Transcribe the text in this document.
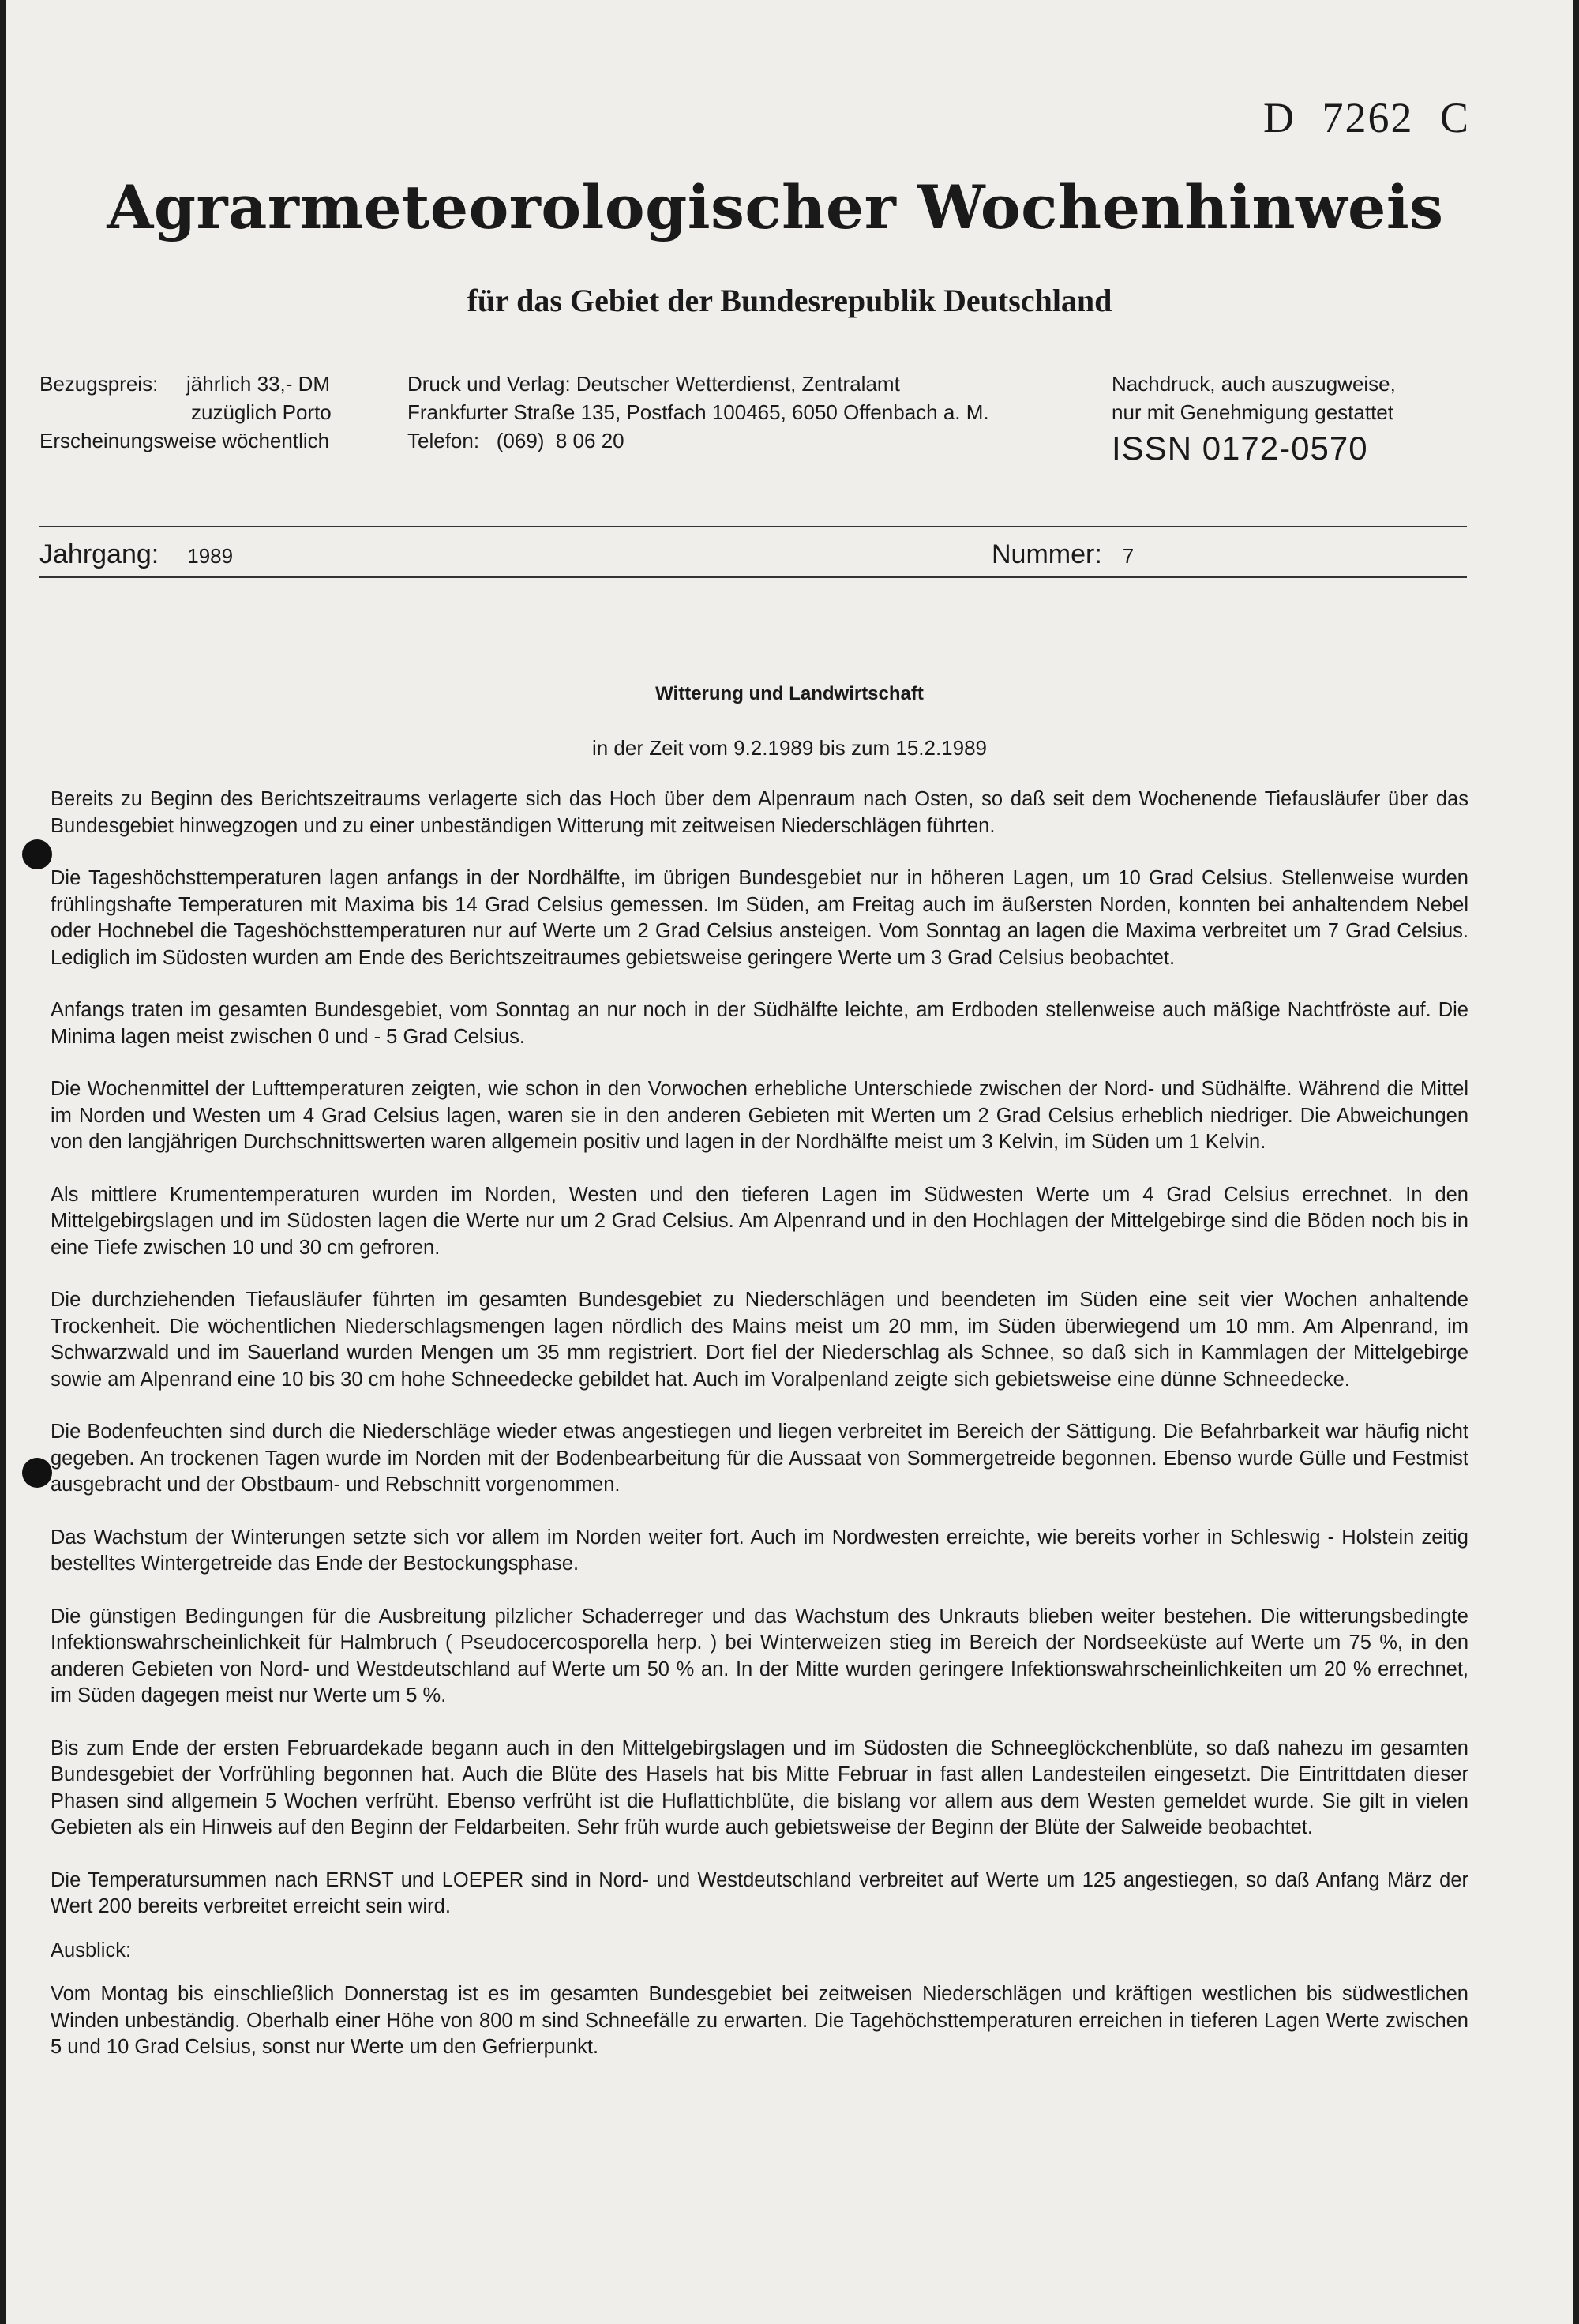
D 7262 C
Agrarmeteorologischer Wochenhinweis
für das Gebiet der Bundesrepublik Deutschland
Bezugspreis:	jährlich 33,- DM
zuzüglich Porto
Erscheinungsweise wöchentlich
Druck und Verlag: Deutscher Wetterdienst, Zentralamt
Frankfurter Straße 135, Postfach 100465, 6050 Offenbach a. M.
Telefon:   (069)  8 06 20
Nachdruck, auch auszugweise,
nur mit Genehmigung gestattet
ISSN 0172-0570
Jahrgang: 1989	Nummer: 7
Witterung und Landwirtschaft
in der Zeit vom 9.2.1989 bis zum 15.2.1989

Bereits zu Beginn des Berichtszeitraums verlagerte sich das Hoch über dem Alpenraum nach Osten, so daß seit dem Wochenende Tiefausläufer über das Bundesgebiet hinwegzogen und zu einer unbeständigen Witterung mit zeitweisen Niederschlägen führten.

Die Tageshöchsttemperaturen lagen anfangs in der Nordhälfte, im übrigen Bundesgebiet nur in höheren Lagen, um 10 Grad Celsius. Stellenweise wurden frühlingshafte Temperaturen mit Maxima bis 14 Grad Celsius gemessen. Im Süden, am Freitag auch im äußersten Norden, konnten bei anhaltendem Nebel oder Hochnebel die Tageshöchsttemperaturen nur auf Werte um 2 Grad Celsius ansteigen. Vom Sonntag an lagen die Maxima verbreitet um 7 Grad Celsius. Lediglich im Südosten wurden am Ende des Berichtszeitraumes gebietsweise geringere Werte um 3 Grad Celsius beobachtet.

Anfangs traten im gesamten Bundesgebiet, vom Sonntag an nur noch in der Südhälfte leichte, am Erdboden stellenweise auch mäßige Nachtfröste auf. Die Minima lagen meist zwischen 0 und - 5 Grad Celsius.

Die Wochenmittel der Lufttemperaturen zeigten, wie schon in den Vorwochen erhebliche Unterschiede zwischen der Nord- und Südhälfte. Während die Mittel im Norden und Westen um 4 Grad Celsius lagen, waren sie in den anderen Gebieten mit Werten um 2 Grad Celsius erheblich niedriger. Die Abweichungen von den langjährigen Durchschnittswerten waren allgemein positiv und lagen in der Nordhälfte meist um 3 Kelvin, im Süden um 1 Kelvin.

Als mittlere Krumentemperaturen wurden im Norden, Westen und den tieferen Lagen im Südwesten Werte um 4 Grad Celsius errechnet. In den Mittelgebirgslagen und im Südosten lagen die Werte nur um 2 Grad Celsius. Am Alpenrand und in den Hochlagen der Mittelgebirge sind die Böden noch bis in eine Tiefe zwischen 10 und 30 cm gefroren.

Die durchziehenden Tiefausläufer führten im gesamten Bundesgebiet zu Niederschlägen und beendeten im Süden eine seit vier Wochen anhaltende Trockenheit. Die wöchentlichen Niederschlagsmengen lagen nördlich des Mains meist um 20 mm, im Süden überwiegend um 10 mm. Am Alpenrand, im Schwarzwald und im Sauerland wurden Mengen um 35 mm registriert. Dort fiel der Niederschlag als Schnee, so daß sich in Kammlagen der Mittelgebirge sowie am Alpenrand eine 10 bis 30 cm hohe Schneedecke gebildet hat. Auch im Voralpenland zeigte sich gebietsweise eine dünne Schneedecke.

Die Bodenfeuchten sind durch die Niederschläge wieder etwas angestiegen und liegen verbreitet im Bereich der Sättigung. Die Befahrbarkeit war häufig nicht gegeben. An trockenen Tagen wurde im Norden mit der Bodenbearbeitung für die Aussaat von Sommergetreide begonnen. Ebenso wurde Gülle und Festmist ausgebracht und der Obstbaum- und Rebschnitt vorgenommen.

Das Wachstum der Winterungen setzte sich vor allem im Norden weiter fort. Auch im Nordwesten erreichte, wie bereits vorher in Schleswig - Holstein zeitig bestelltes Wintergetreide das Ende der Bestockungsphase.

Die günstigen Bedingungen für die Ausbreitung pilzlicher Schaderreger und das Wachstum des Unkrauts blieben weiter bestehen. Die witterungsbedingte Infektionswahrscheinlichkeit für Halmbruch ( Pseudocercosporella herp. ) bei Winterweizen stieg im Bereich der Nordseeküste auf Werte um 75 %, in den anderen Gebieten von Nord- und Westdeutschland auf Werte um 50 % an. In der Mitte wurden geringere Infektionswahrscheinlichkeiten um 20 % errechnet, im Süden dagegen meist nur Werte um 5 %.

Bis zum Ende der ersten Februardekade begann auch in den Mittelgebirgslagen und im Südosten die Schneeglöckchenblüte, so daß nahezu im gesamten Bundesgebiet der Vorfrühling begonnen hat. Auch die Blüte des Hasels hat bis Mitte Februar in fast allen Landesteilen eingesetzt. Die Eintrittdaten dieser Phasen sind allgemein 5 Wochen verfrüht. Ebenso verfrüht ist die Huflattichblüte, die bislang vor allem aus dem Westen gemeldet wurde. Sie gilt in vielen Gebieten als ein Hinweis auf den Beginn der Feldarbeiten. Sehr früh wurde auch gebietsweise der Beginn der Blüte der Salweide beobachtet.

Die Temperatursummen nach ERNST und LOEPER sind in Nord- und Westdeutschland verbreitet auf Werte um 125 angestiegen, so daß Anfang März der Wert 200 bereits verbreitet erreicht sein wird.

Ausblick:

Vom Montag bis einschließlich Donnerstag ist es im gesamten Bundesgebiet bei zeitweisen Niederschlägen und kräftigen westlichen bis südwestlichen Winden unbeständig. Oberhalb einer Höhe von 800 m sind Schneefälle zu erwarten. Die Tagehöchsttemperaturen erreichen in tieferen Lagen Werte zwischen 5 und 10 Grad Celsius, sonst nur Werte um den Gefrierpunkt.
